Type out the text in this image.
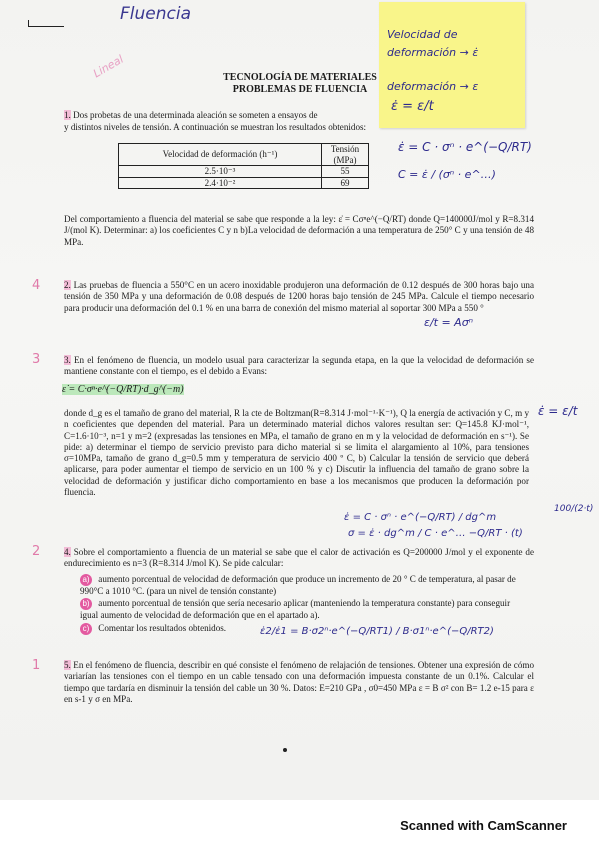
Fluencia
Lineal
Velocidad de
deformación → ε̇
deformación → ε
ε̇ = ε/t
TECNOLOGÍA DE MATERIALES
PROBLEMAS DE FLUENCIA
1. Dos probetas de una determinada aleación se someten a ensayos de
y distintos niveles de tensión. A continuación se muestran los resultados obtenidos:
Velocidad de deformación (h⁻¹)	Tensión (MPa)
2.5·10⁻³	55
2.4·10⁻²	69
ε̇ = C · σⁿ · e^(−Q/RT)
C = ε̇ / (σⁿ · e^…)
Del comportamiento a fluencia del material se sabe que responde a la ley: ε̇ = Cσⁿe^(−Q/RT) donde Q=140000J/mol y R=8.314 J/(mol K). Determinar: a) los coeficientes C y n b)La velocidad de deformación a una temperatura de 250° C y una tensión de 48 MPa.
4	2. Las pruebas de fluencia a 550°C en un acero inoxidable produjeron una deformación de 0.12 después de 300 horas bajo una tensión de 350 MPa y una deformación de 0.08 después de 1200 horas bajo tensión de 245 MPa. Calcule el tiempo necesario para producir una deformación del 0.1 % en una barra de conexión del mismo material al soportar 300 MPa a 550 °
ε/t = Aσⁿ
3	3. En el fenómeno de fluencia, un modelo usual para caracterizar la segunda etapa, en la que la velocidad de deformación se mantiene constante con el tiempo, es el debido a Evans:
ε̇ = C·σⁿ·e^(−Q/RT)·d_g^(−m)
donde d_g es el tamaño de grano del material, R la cte de Boltzman(R=8.314 J·mol⁻¹·K⁻¹), Q la energía de activación y C, m y n coeficientes que dependen del material. Para un determinado material dichos valores resultan ser: Q=145.8 KJ·mol⁻¹, C=1.6·10⁻³, n=1 y m=2 (expresadas las tensiones en MPa, el tamaño de grano en m y la velocidad de deformación en s⁻¹). Se pide: a) determinar el tiempo de servicio previsto para dicho material si se limita el alargamiento al 10%, para tensiones σ=10MPa, tamaño de grano d_g=0.5 mm y temperatura de servicio 400 º C, b) Calcular la tensión de servicio que deberá aplicarse, para poder aumentar el tiempo de servicio en un 100 % y c) Discutir la influencia del tamaño de grano sobre la velocidad de deformación y justificar dicho comportamiento en base a los mecanismos que producen la deformación por fluencia.
ε̇ = ε/t
ε̇ = C · σⁿ · e^(−Q/RT) / dg^m
σ = ε̇ · dg^m / C · e^… −Q/RT · (t)
100/(2·t)
2	4. Sobre el comportamiento a fluencia de un material se sabe que el calor de activación es Q=200000 J/mol y el exponente de endurecimiento es n=3 (R=8.314 J/mol K). Se pide calcular:
a) aumento porcentual de velocidad de deformación que produce un incremento de 20 ° C de temperatura, al pasar de 990°C a 1010 °C. (para un nivel de tensión constante)
b) aumento porcentual de tensión que sería necesario aplicar (manteniendo la temperatura constante) para conseguir igual aumento de velocidad de deformación que en el apartado a).
c) Comentar los resultados obtenidos.	ε̇2/ε̇1 = B·σ2ⁿ·e^(−Q/RT1) / B·σ1ⁿ·e^(−Q/RT2)
1	5. En el fenómeno de fluencia, describir en qué consiste el fenómeno de relajación de tensiones. Obtener una expresión de cómo variarían las tensiones con el tiempo en un cable tensado con una deformación impuesta constante de un 0.1%. Calcular el tiempo que tardaría en disminuir la tensión del cable un 30 %. Datos: E=210 GPa , σ0=450 MPa ε = B σ² con B= 1.2 e-15 para ε en s-1 y σ en MPa.
Scanned with CamScanner
